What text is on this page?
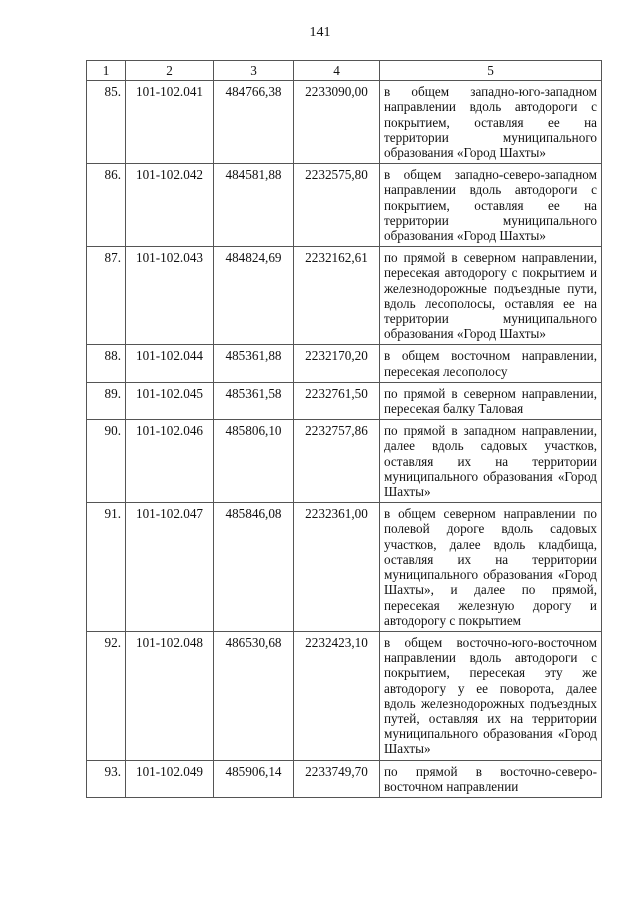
141
1	2	3	4	5
85.	101-102.041	484766,38	2233090,00	в общем западно-юго-западном направлении вдоль автодороги с покрытием, оставляя ее на территории муниципального образования «Город Шахты»
86.	101-102.042	484581,88	2232575,80	в общем западно-северо-западном направлении вдоль автодороги с покрытием, оставляя ее на территории муниципального образования «Город Шахты»
87.	101-102.043	484824,69	2232162,61	по прямой в северном направлении, пересекая автодорогу с покрытием и железнодорожные подъездные пути, вдоль лесополосы, оставляя ее на территории муниципального образования «Город Шахты»
88.	101-102.044	485361,88	2232170,20	в общем восточном направлении, пересекая лесополосу
89.	101-102.045	485361,58	2232761,50	по прямой в северном направлении, пересекая балку Таловая
90.	101-102.046	485806,10	2232757,86	по прямой в западном направлении, далее вдоль садовых участков, оставляя их на территории муниципального образования «Город Шахты»
91.	101-102.047	485846,08	2232361,00	в общем северном направлении по полевой дороге вдоль садовых участков, далее вдоль кладбища, оставляя их на территории муниципального образования «Город Шахты», и далее по прямой, пересекая железную дорогу и автодорогу с покрытием
92.	101-102.048	486530,68	2232423,10	в общем восточно-юго-восточном направлении вдоль автодороги с покрытием, пересекая эту же автодорогу у ее поворота, далее вдоль железнодорожных подъездных путей, оставляя их на территории муниципального образования «Город Шахты»
93.	101-102.049	485906,14	2233749,70	по прямой в восточно-северо-восточном направлении
